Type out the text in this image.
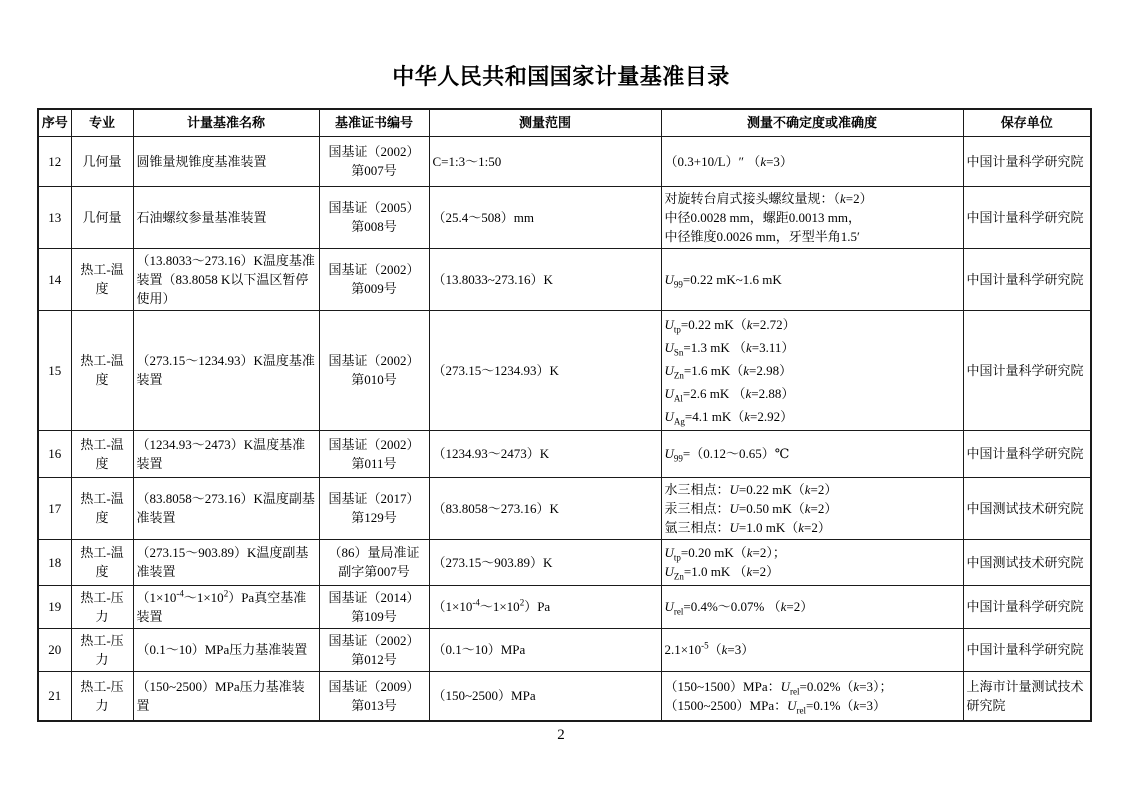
中华人民共和国国家计量基准目录
序号	专业	计量基准名称	基准证书编号	测量范围	测量不确定度或准确度	保存单位
12	几何量	圆锥量规锥度基准装置	国基证（2002）
第007号	C=1:3～1:50	（0.3+10/L）″ （k=3）	中国计量科学研究院
13	几何量	石油螺纹参量基准装置	国基证（2005）
第008号	（25.4～508）mm	对旋转台肩式接头螺纹量规：（k=2）
中径0.0028 mm，螺距0.0013 mm，
中径锥度0.0026 mm，牙型半角1.5′	中国计量科学研究院
14	热工-温度	（13.8033～273.16）K温度基准装置（83.8058 K以下温区暂停使用）	国基证（2002）
第009号	（13.8033~273.16）K	$U_{99}=0.22$ mK~1.6 mK	中国计量科学研究院
15	热工-温度	（273.15～1234.93）K温度基准装置	国基证（2002）
第010号	（273.15～1234.93）K	$U_{tp}=0.22$ mK（k=2.72）
$U_{Sn}=1.3$ mK （k=3.11）
$U_{Zn}=1.6$ mK（k=2.98）
$U_{Al}=2.6$ mK （k=2.88）
$U_{Ag}=4.1$ mK（k=2.92）	中国计量科学研究院
16	热工-温度	（1234.93～2473）K温度基准装置	国基证（2002）
第011号	（1234.93～2473）K	$U_{99}=(0.12\sim 0.65)℃$	中国计量科学研究院
17	热工-温度	（83.8058～273.16）K温度副基准装置	国基证（2017）
第129号	（83.8058～273.16）K	水三相点：U=0.22 mK（k=2）
汞三相点：U=0.50 mK（k=2）
氩三相点：U=1.0 mK（k=2）	中国测试技术研究院
18	热工-温度	（273.15～903.89）K温度副基准装置	（86）量局准证
副字第007号	（273.15～903.89）K	$U_{tp}=0.20$ mK（k=2）；
$U_{Zn}=1.0$ mK （k=2）	中国测试技术研究院
19	热工-压力	$(1\times 10^{-4}\sim 1\times 10^2)Pa$真空基准装置	国基证（2014）
第109号	$(1\times 10^{-4}\sim 1\times 10^2)Pa$	$U_{rel}=0.4\%\sim 0.07\%$ （k=2）	中国计量科学研究院
20	热工-压力	（0.1～10）MPa压力基准装置	国基证（2002）
第012号	（0.1～10）MPa	$2.1\times 10^{-5}(k=3)$	中国计量科学研究院
21	热工-压力	（150~2500）MPa压力基准装置	国基证（2009）
第013号	（150~2500）MPa	（150~1500）MPa：$U_{rel}=0.02\%(k=3)$；
（1500~2500）MPa：$U_{rel}=0.1\%(k=3)$	上海市计量测试技术研究院
2
